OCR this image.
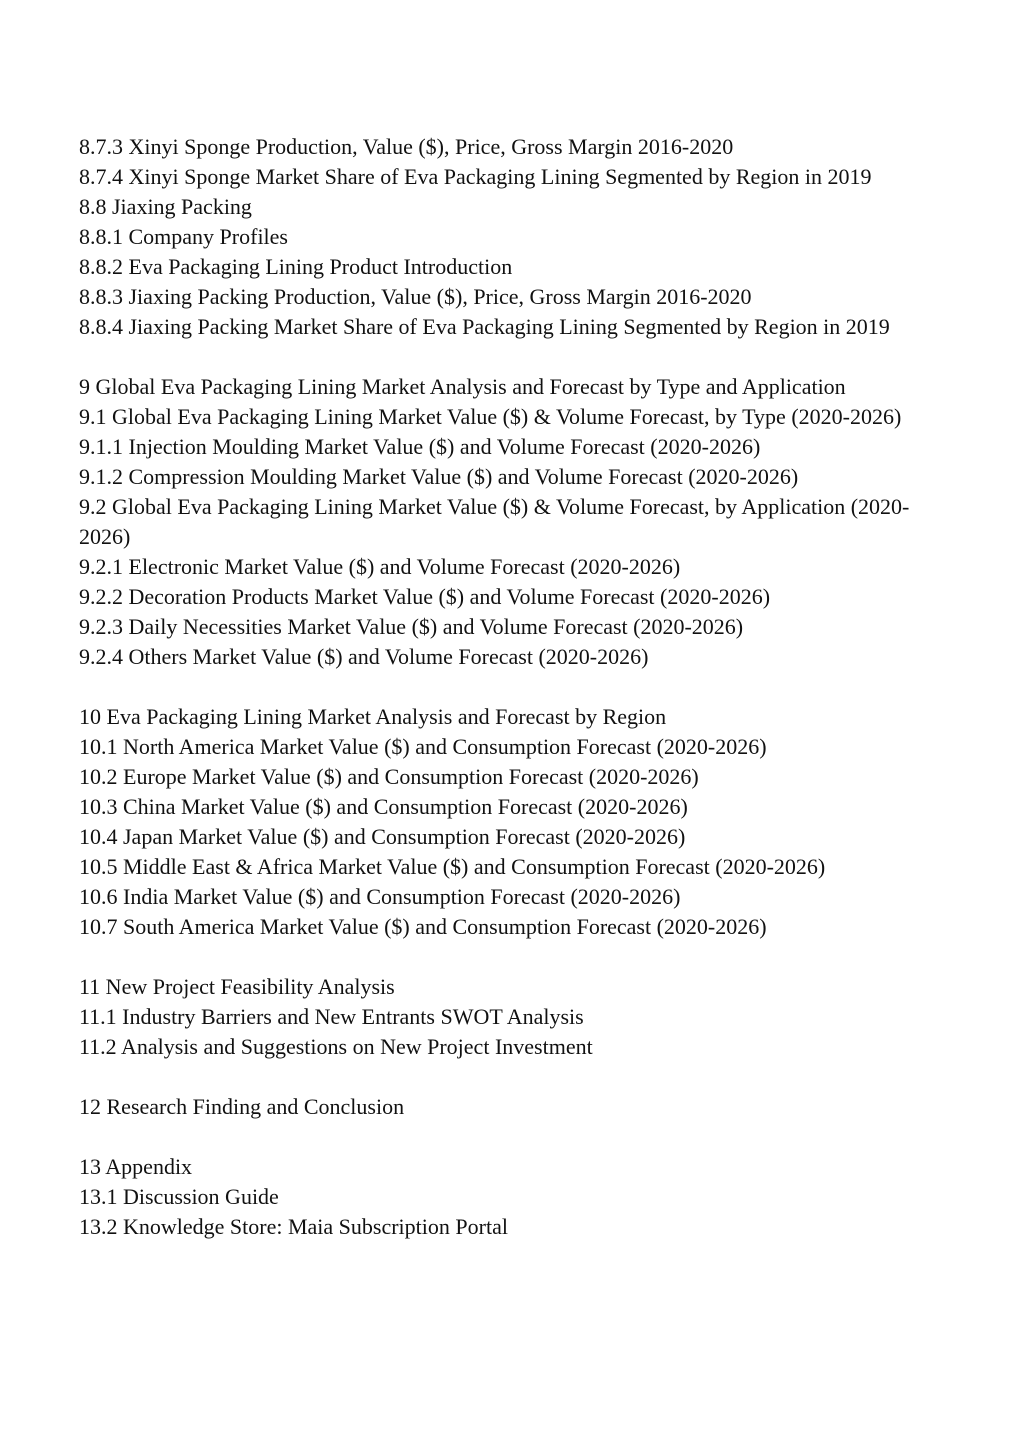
8.7.3 Xinyi Sponge Production, Value ($), Price, Gross Margin 2016-2020
8.7.4 Xinyi Sponge Market Share of Eva Packaging Lining Segmented by Region in 2019
8.8 Jiaxing Packing
8.8.1 Company Profiles
8.8.2 Eva Packaging Lining Product Introduction
8.8.3 Jiaxing Packing Production, Value ($), Price, Gross Margin 2016-2020
8.8.4 Jiaxing Packing Market Share of Eva Packaging Lining Segmented by Region in 2019
9 Global Eva Packaging Lining Market Analysis and Forecast by Type and Application
9.1 Global Eva Packaging Lining Market Value ($) & Volume Forecast, by Type (2020-2026)
9.1.1 Injection Moulding Market Value ($) and Volume Forecast (2020-2026)
9.1.2 Compression Moulding Market Value ($) and Volume Forecast (2020-2026)
9.2 Global Eva Packaging Lining Market Value ($) & Volume Forecast, by Application (2020-2026)
9.2.1 Electronic Market Value ($) and Volume Forecast (2020-2026)
9.2.2 Decoration Products Market Value ($) and Volume Forecast (2020-2026)
9.2.3 Daily Necessities Market Value ($) and Volume Forecast (2020-2026)
9.2.4 Others Market Value ($) and Volume Forecast (2020-2026)
10 Eva Packaging Lining Market Analysis and Forecast by Region
10.1 North America Market Value ($) and Consumption Forecast (2020-2026)
10.2 Europe Market Value ($) and Consumption Forecast (2020-2026)
10.3 China Market Value ($) and Consumption Forecast (2020-2026)
10.4 Japan Market Value ($) and Consumption Forecast (2020-2026)
10.5 Middle East & Africa Market Value ($) and Consumption Forecast (2020-2026)
10.6 India Market Value ($) and Consumption Forecast (2020-2026)
10.7 South America Market Value ($) and Consumption Forecast (2020-2026)
11 New Project Feasibility Analysis
11.1 Industry Barriers and New Entrants SWOT Analysis
11.2 Analysis and Suggestions on New Project Investment
12 Research Finding and Conclusion
13 Appendix
13.1 Discussion Guide
13.2 Knowledge Store: Maia Subscription Portal
